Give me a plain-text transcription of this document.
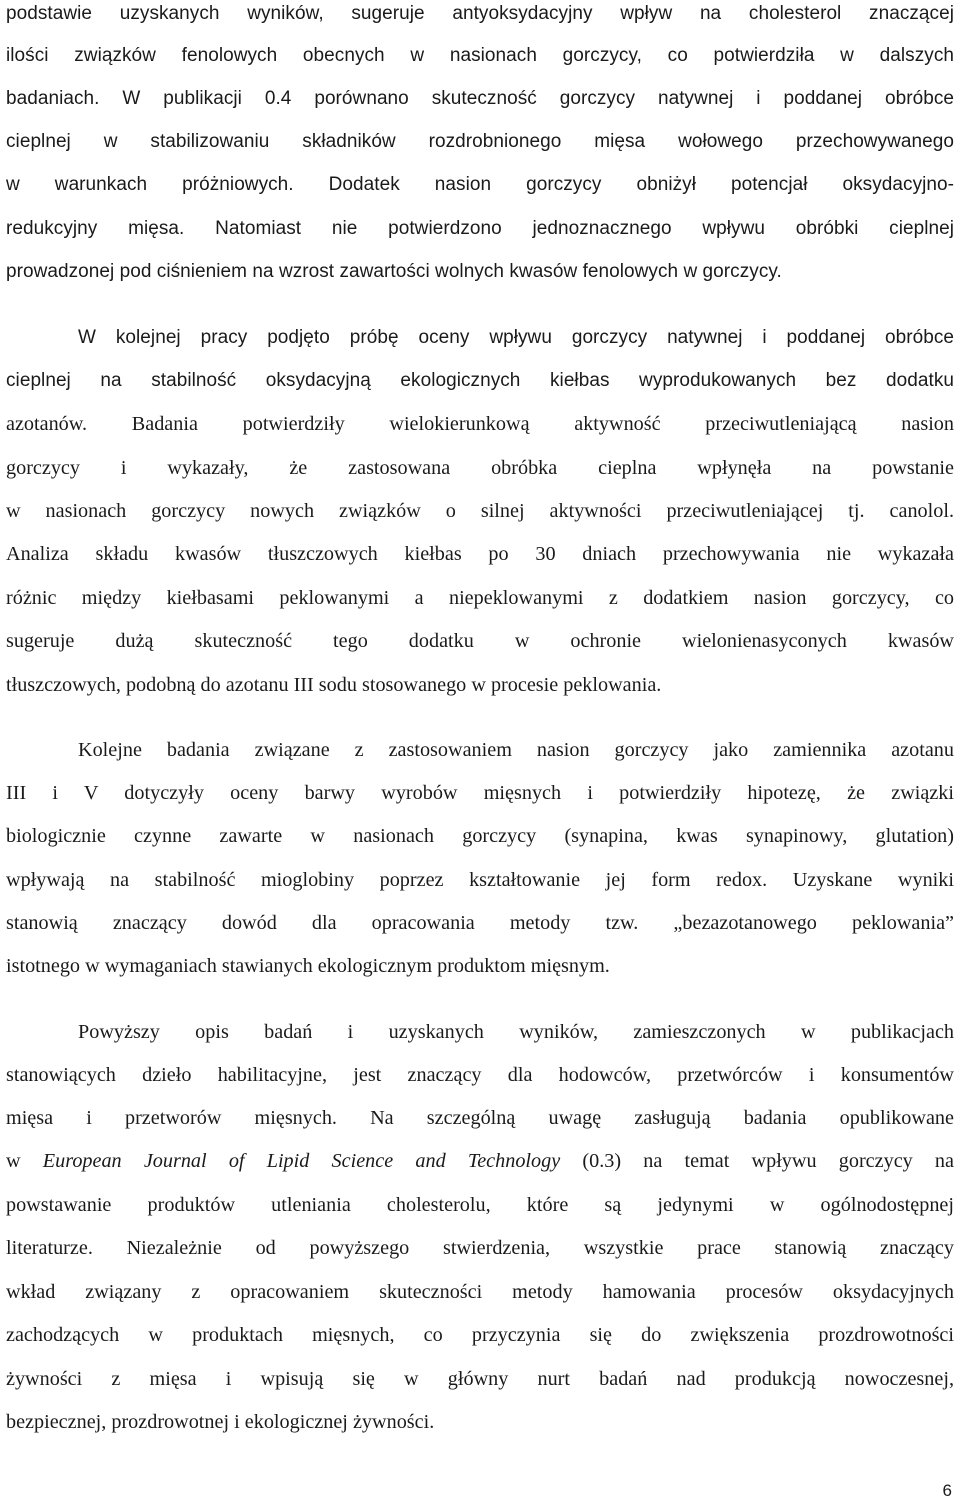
podstawie uzyskanych wyników, sugeruje antyoksydacyjny wpływ na cholesterol znaczącej
ilości związków fenolowych obecnych w nasionach gorczycy, co potwierdziła w dalszych
badaniach. W publikacji 0.4 porównano skuteczność gorczycy natywnej i poddanej obróbce
cieplnej w stabilizowaniu składników rozdrobnionego mięsa wołowego przechowywanego
w warunkach próżniowych. Dodatek nasion gorczycy obniżył potencjał oksydacyjno-
redukcyjny mięsa. Natomiast nie potwierdzono jednoznacznego wpływu obróbki cieplnej
prowadzonej pod ciśnieniem na wzrost zawartości wolnych kwasów fenolowych w gorczycy.
W kolejnej pracy podjęto próbę oceny wpływu gorczycy natywnej i poddanej obróbce
cieplnej na stabilność oksydacyjną ekologicznych kiełbas wyprodukowanych bez dodatku
azotanów. Badania potwierdziły wielokierunkową aktywność przeciwutleniającą nasion
gorczycy i wykazały, że zastosowana obróbka cieplna wpłynęła na powstanie
w nasionach gorczycy nowych związków o silnej aktywności przeciwutleniającej tj. canolol.
Analiza składu kwasów tłuszczowych kiełbas po 30 dniach przechowywania nie wykazała
różnic między kiełbasami peklowanymi a niepeklowanymi z dodatkiem nasion gorczycy, co
sugeruje dużą skuteczność tego dodatku w ochronie wielonienasyconych kwasów
tłuszczowych, podobną do azotanu III sodu stosowanego w procesie peklowania.
Kolejne badania związane z zastosowaniem nasion gorczycy jako zamiennika azotanu
III i V dotyczyły oceny barwy wyrobów mięsnych i potwierdziły hipotezę, że związki
biologicznie czynne zawarte w nasionach gorczycy (synapina, kwas synapinowy, glutation)
wpływają na stabilność mioglobiny poprzez kształtowanie jej form redox. Uzyskane wyniki
stanowią znaczący dowód dla opracowania metody tzw. „bezazotanowego peklowania”
istotnego w wymaganiach stawianych ekologicznym produktom mięsnym.
Powyższy opis badań i uzyskanych wyników, zamieszczonych w publikacjach
stanowiących dzieło habilitacyjne, jest znaczący dla hodowców, przetwórców i konsumentów
mięsa i przetworów mięsnych. Na szczególną uwagę zasługują badania opublikowane
w European Journal of Lipid Science and Technology (0.3) na temat wpływu gorczycy na
powstawanie produktów utleniania cholesterolu, które są jedynymi w ogólnodostępnej
literaturze. Niezależnie od powyższego stwierdzenia, wszystkie prace stanowią znaczący
wkład związany z opracowaniem skuteczności metody hamowania procesów oksydacyjnych
zachodzących w produktach mięsnych, co przyczynia się do zwiększenia prozdrowotności
żywności z mięsa i wpisują się w główny nurt badań nad produkcją nowoczesnej,
bezpiecznej, prozdrowotnej i ekologicznej żywności.
6
